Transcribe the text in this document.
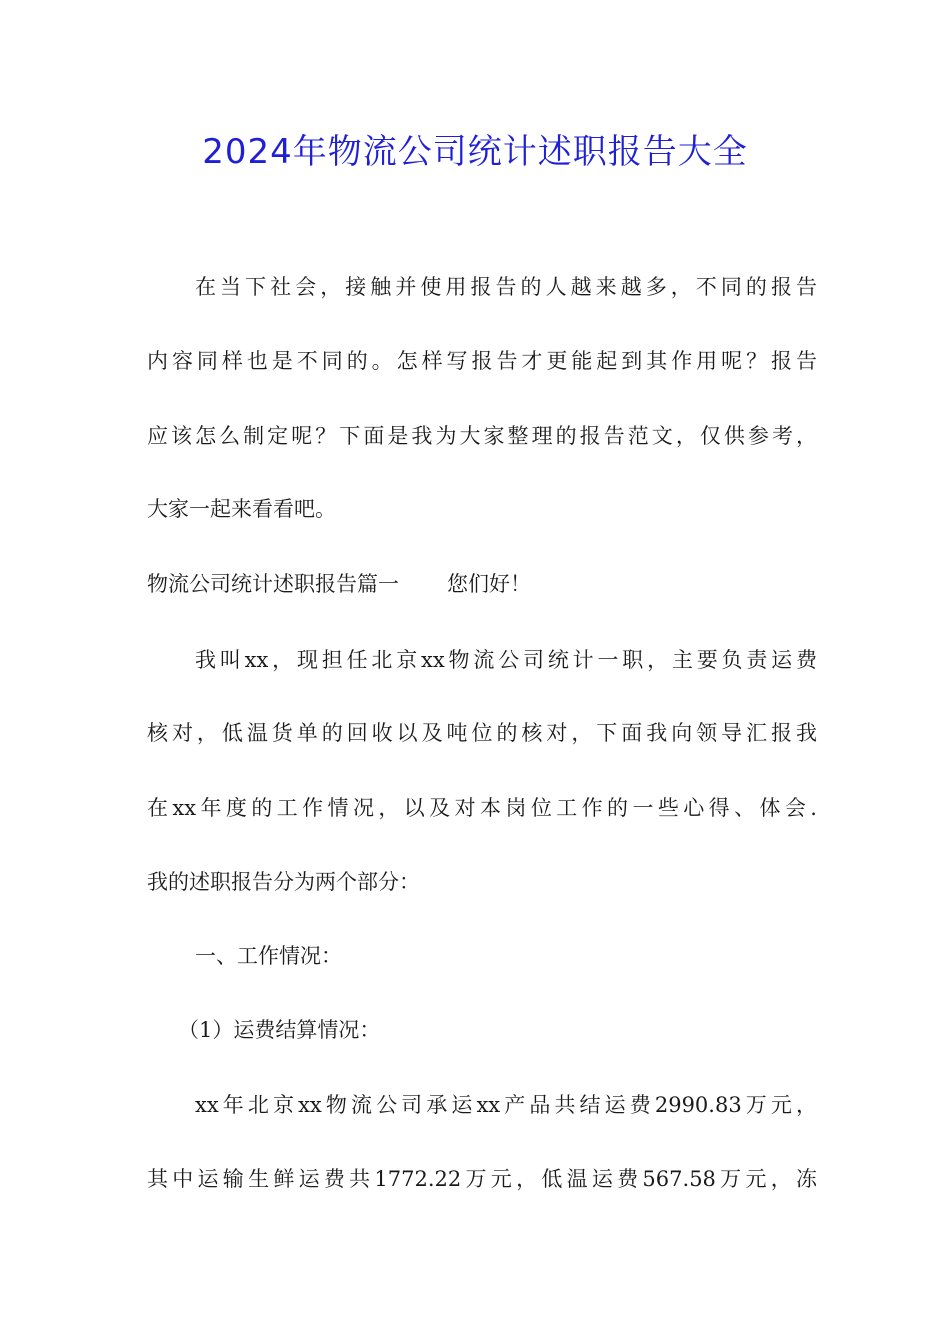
2024年物流公司统计述职报告大全
在当下社会，接触并使用报告的人越来越多，不同的报告
内容同样也是不同的。怎样写报告才更能起到其作用呢？报告
应该怎么制定呢？下面是我为大家整理的报告范文，仅供参考，
大家一起来看看吧。
物流公司统计述职报告篇一 您们好！
我叫xx，现担任北京xx物流公司统计一职，主要负责运费
核对，低温货单的回收以及吨位的核对，下面我向领导汇报我
在xx年度的工作情况，以及对本岗位工作的一些心得、体会.
我的述职报告分为两个部分：
一、工作情况：
（1）运费结算情况：
xx年北京xx物流公司承运xx产品共结运费2990.83万元，
其中运输生鲜运费共1772.22万元，低温运费567.58万元，冻
